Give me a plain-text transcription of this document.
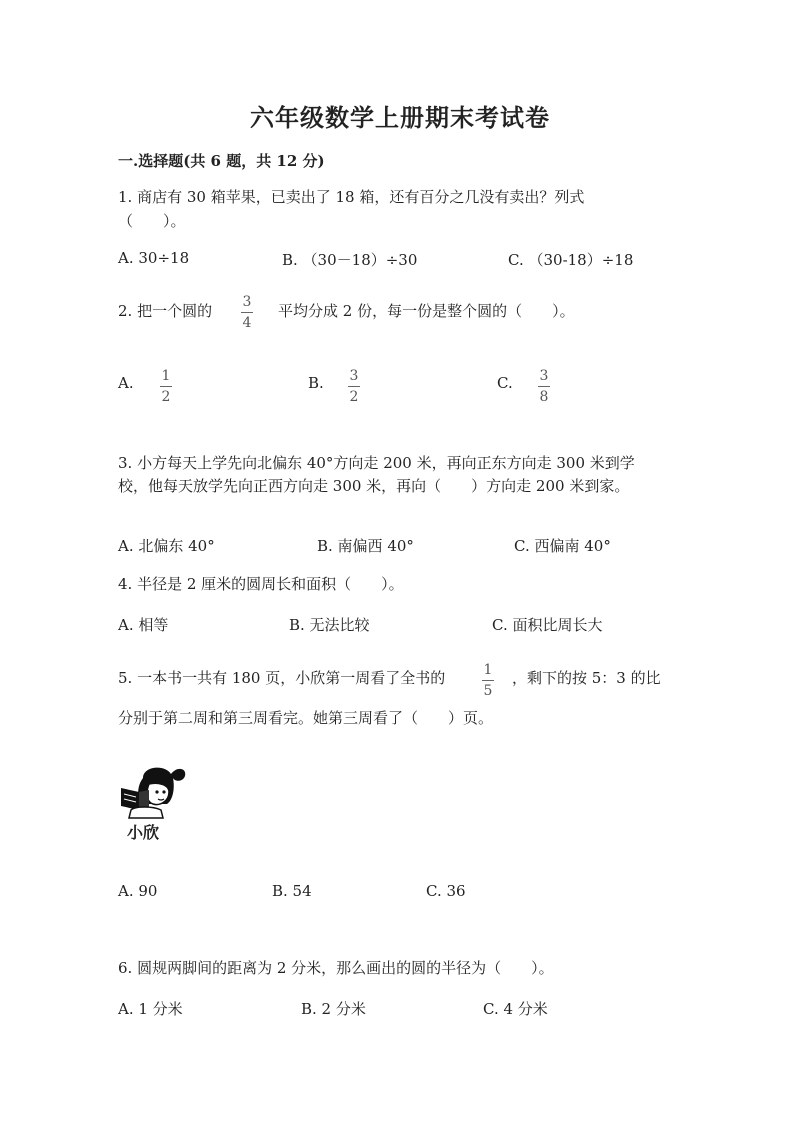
六年级数学上册期末考试卷
一.选择题(共 6 题，共 12 分)
1. 商店有 30 箱苹果，已卖出了 18 箱，还有百分之几没有卖出？列式
（　　）。
A. 30÷18	B. （30－18）÷30	C. （30-18）÷18
2. 把一个圆的 3
4
平均分成 2 份，每一份是整个圆的（　　）。
A. 1
2
B. 3
2
C. 3
8
3. 小方每天上学先向北偏东 40°方向走 200 米，再向正东方向走 300 米到学
校，他每天放学先向正西方向走 300 米，再向（　　）方向走 200 米到家。
A. 北偏东 40°	B. 南偏西 40°	C. 西偏南 40°
4. 半径是 2 厘米的圆周长和面积（　　）。
A. 相等	B. 无法比较	C. 面积比周长大
5. 一本书一共有 180 页，小欣第一周看了全书的	1
5
，剩下的按 5：3 的比
分别于第二周和第三周看完。她第三周看了（　　）页。
小欣
A. 90	B. 54	C. 36
6. 圆规两脚间的距离为 2 分米，那么画出的圆的半径为（　　）。
A. 1 分米	B. 2 分米	C. 4 分米
